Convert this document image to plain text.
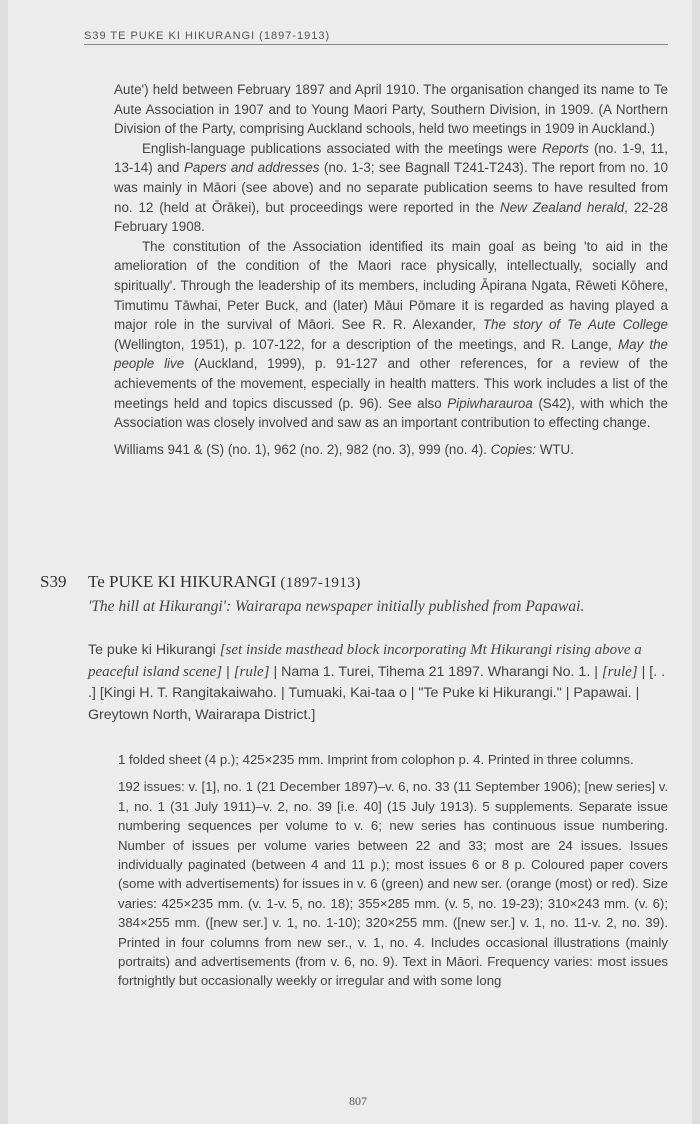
S39 TE PUKE KI HIKURANGI (1897-1913)

Aute') held between February 1897 and April 1910. The organisation changed its name to Te Aute Association in 1907 and to Young Maori Party, Southern Division, in 1909. (A Northern Division of the Party, comprising Auckland schools, held two meetings in 1909 in Auckland.)

English-language publications associated with the meetings were Reports (no. 1-9, 11, 13-14) and Papers and addresses (no. 1-3; see Bagnall T241-T243). The report from no. 10 was mainly in Māori (see above) and no separate publication seems to have resulted from no. 12 (held at Ōrākei), but proceedings were reported in the New Zealand herald, 22-28 February 1908.

The constitution of the Association identified its main goal as being 'to aid in the amelioration of the condition of the Maori race physically, intellectually, socially and spiritually'. Through the leadership of its members, including Āpirana Ngata, Rēweti Kōhere, Timutimu Tāwhai, Peter Buck, and (later) Māui Pōmare it is regarded as having played a major role in the survival of Māori. See R. R. Alexander, The story of Te Aute College (Wellington, 1951), p. 107-122, for a description of the meetings, and R. Lange, May the people live (Auckland, 1999), p. 91-127 and other references, for a review of the achievements of the movement, especially in health matters. This work includes a list of the meetings held and topics discussed (p. 96). See also Pipiwharauroa (S42), with which the Association was closely involved and saw as an important contribution to effecting change.

Williams 941 & (S) (no. 1), 962 (no. 2), 982 (no. 3), 999 (no. 4). Copies: WTU.

S39 Te PUKE KI HIKURANGI (1897-1913)
'The hill at Hikurangi': Wairarapa newspaper initially published from Papawai.
Te puke ki Hikurangi [set inside masthead block incorporating Mt Hikurangi rising above a peaceful island scene] | [rule] | Nama 1. Turei, Tihema 21 1897. Wharangi No. 1. | [rule] | [. . .] [Kingi H. T. Rangitakaiwaho. | Tumuaki, Kai-taa o | "Te Puke ki Hikurangi." | Papawai. | Greytown North, Wairarapa District.]

1 folded sheet (4 p.); 425×235 mm. Imprint from colophon p. 4. Printed in three columns.

192 issues: v. [1], no. 1 (21 December 1897)–v. 6, no. 33 (11 September 1906); [new series] v. 1, no. 1 (31 July 1911)–v. 2, no. 39 [i.e. 40] (15 July 1913). 5 supplements. Separate issue numbering sequences per volume to v. 6; new series has continuous issue numbering. Number of issues per volume varies between 22 and 33; most are 24 issues. Issues individually paginated (between 4 and 11 p.); most issues 6 or 8 p. Coloured paper covers (some with advertisements) for issues in v. 6 (green) and new ser. (orange (most) or red). Size varies: 425×235 mm. (v. 1-v. 5, no. 18); 355×285 mm. (v. 5, no. 19-23); 310×243 mm. (v. 6); 384×255 mm. ([new ser.] v. 1, no. 1-10); 320×255 mm. ([new ser.] v. 1, no. 11-v. 2, no. 39). Printed in four columns from new ser., v. 1, no. 4. Includes occasional illustrations (mainly portraits) and advertisements (from v. 6, no. 9). Text in Māori. Frequency varies: most issues fortnightly but occasionally weekly or irregular and with some long

807
